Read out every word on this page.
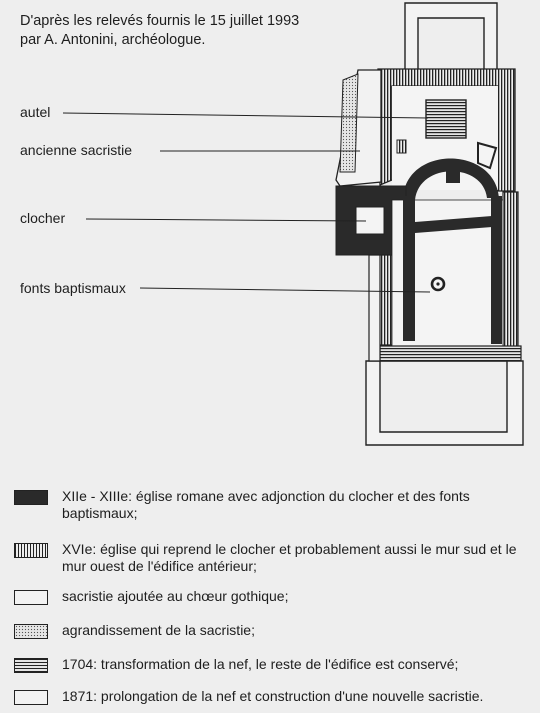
D'après les relevés fournis le 15 juillet 1993
par A. Antonini, archéologue.
autel
ancienne sacristie
clocher
fonts baptismaux
XIIe - XIIIe: église romane avec adjonction du clocher et des fonts baptismaux;
XVIe: église qui reprend le clocher et probablement aussi le mur sud et le mur ouest de l'édifice antérieur;
sacristie ajoutée au chœur gothique;
agrandissement de la sacristie;
1704: transformation de la nef, le reste de l'édifice est conservé;
1871: prolongation de la nef et construction d'une nouvelle sacristie.
